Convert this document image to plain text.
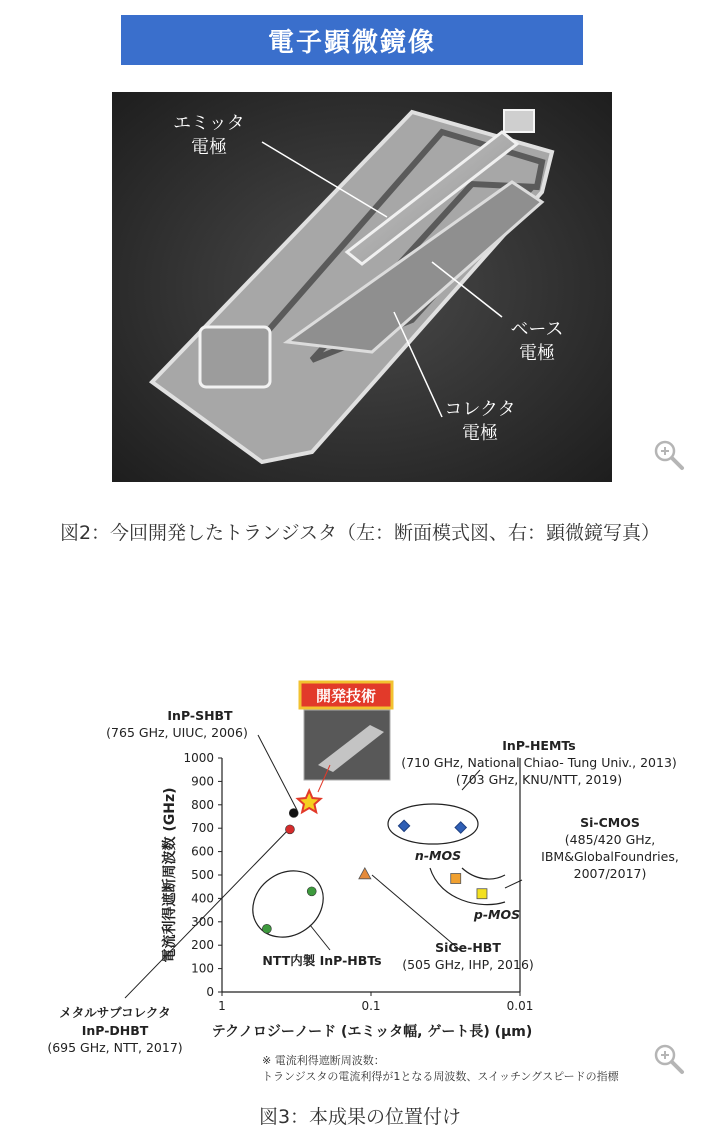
電子顕微鏡像
エミッタ
電極
ベース
電極
コレクタ
電極
図2：今回開発したトランジスタ（左：断面模式図、右：顕微鏡写真）
開発技術
0
100
200
300
400
500
600
700
800
900
1000
1	0.1	0.01
テクノロジーノード (エミッタ幅, ゲート長) (μm)
電流利得遮断周波数 (GHz)
InP-SHBT
(765 GHz, UIUC, 2006)
InP-HEMTs
(710 GHz, National Chiao- Tung Univ., 2013)
(703 GHz, KNU/NTT, 2019)
Si-CMOS
(485/420 GHz,
IBM&GlobalFoundries,
2007/2017)
n-MOS
p-MOS
SiGe-HBT
(505 GHz, IHP, 2016)
NTT内製 InP-HBTs
メタルサブコレクタ
InP-DHBT
(695 GHz, NTT, 2017)
※ 電流利得遮断周波数：
トランジスタの電流利得が1となる周波数、スイッチングスピードの指標
図3：本成果の位置付け
